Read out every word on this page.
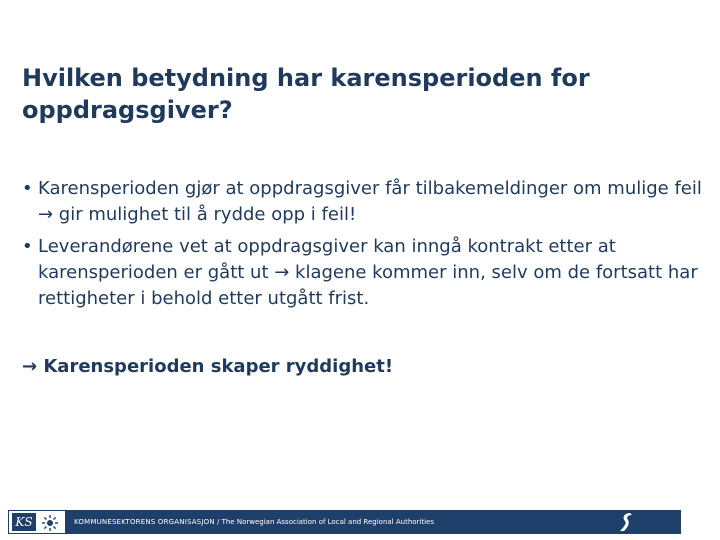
Hvilken betydning har karensperioden for oppdragsgiver?
• Karensperioden gjør at oppdragsgiver får tilbakemeldinger om mulige feil → gir mulighet til å rydde opp i feil!
• Leverandørene vet at oppdragsgiver kan inngå kontrakt etter at karensperioden er gått ut → klagene kommer inn, selv om de fortsatt har rettigheter i behold etter utgått frist.

→ Karensperioden skaper ryddighet!

KS	KOMMUNESEKTORENS ORGANISASJON / The Norwegian Association of Local and Regional Authorities
